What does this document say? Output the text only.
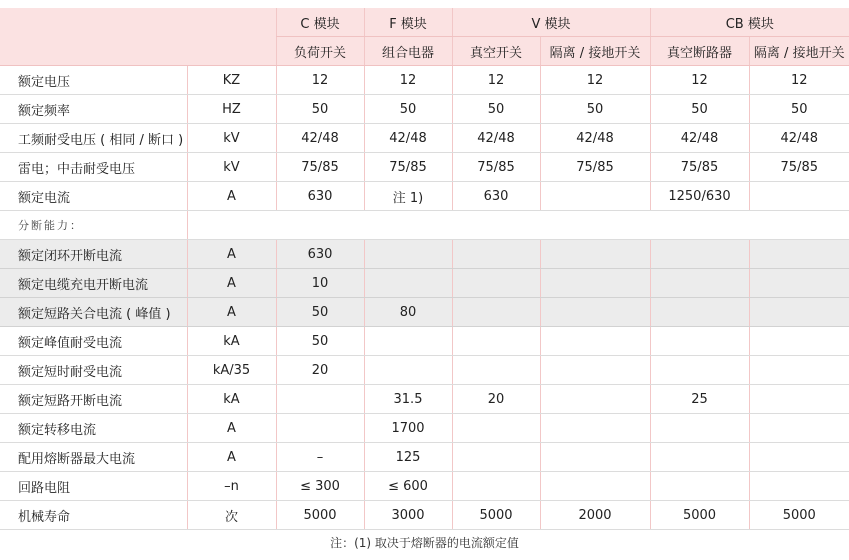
		C 模块	F 模块	V 模块		CB 模块	
		负荷开关	组合电器	真空开关	隔离 / 接地开关	真空断路器	隔离 / 接地开关
额定电压	KZ	12	12	12	12	12	12
额定频率	HZ	50	50	50	50	50	50
工频耐受电压 ( 相同 / 断口 )	kV	42/48	42/48	42/48	42/48	42/48	42/48
雷电；中击耐受电压	kV	75/85	75/85	75/85	75/85	75/85	75/85
额定电流	A	630	注 1)	630		1250/630	
分断能力：							
额定闭环开断电流	A	630					
额定电缆充电开断电流	A	10					
额定短路关合电流 ( 峰值 )	A	50	80				
额定峰值耐受电流	kA	50					
额定短时耐受电流	kA/35	20					
额定短路开断电流	kA		31.5	20		25	
额定转移电流	A		1700				
配用熔断器最大电流	A	–	125				
回路电阻	–n	≤ 300	≤ 600				
机械寿命	次	5000	3000	5000	2000	5000	5000
注：(1) 取决于熔断器的电流额定值
